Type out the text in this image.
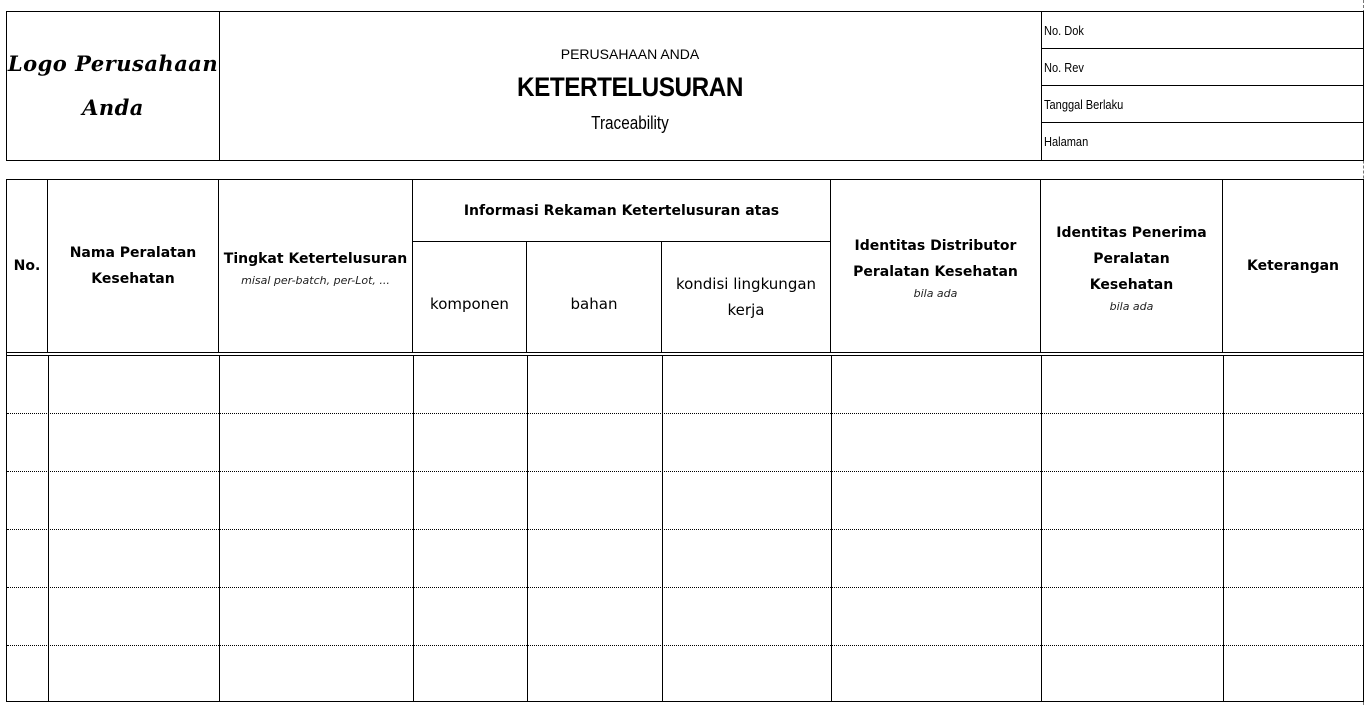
Logo Perusahaan
Anda
PERUSAHAAN ANDA
KETERTELUSURAN
Traceability
No. Dok
No. Rev
Tanggal Berlaku
Halaman
No.
Nama Peralatan Kesehatan
Tingkat Ketertelusuran
misal per-batch, per-Lot, ...
Informasi Rekaman Ketertelusuran atas
komponen	bahan
kondisi lingkungan kerja
Identitas Distributor Peralatan Kesehatan
bila ada
Identitas Penerima Peralatan Kesehatan
bila ada
Keterangan
